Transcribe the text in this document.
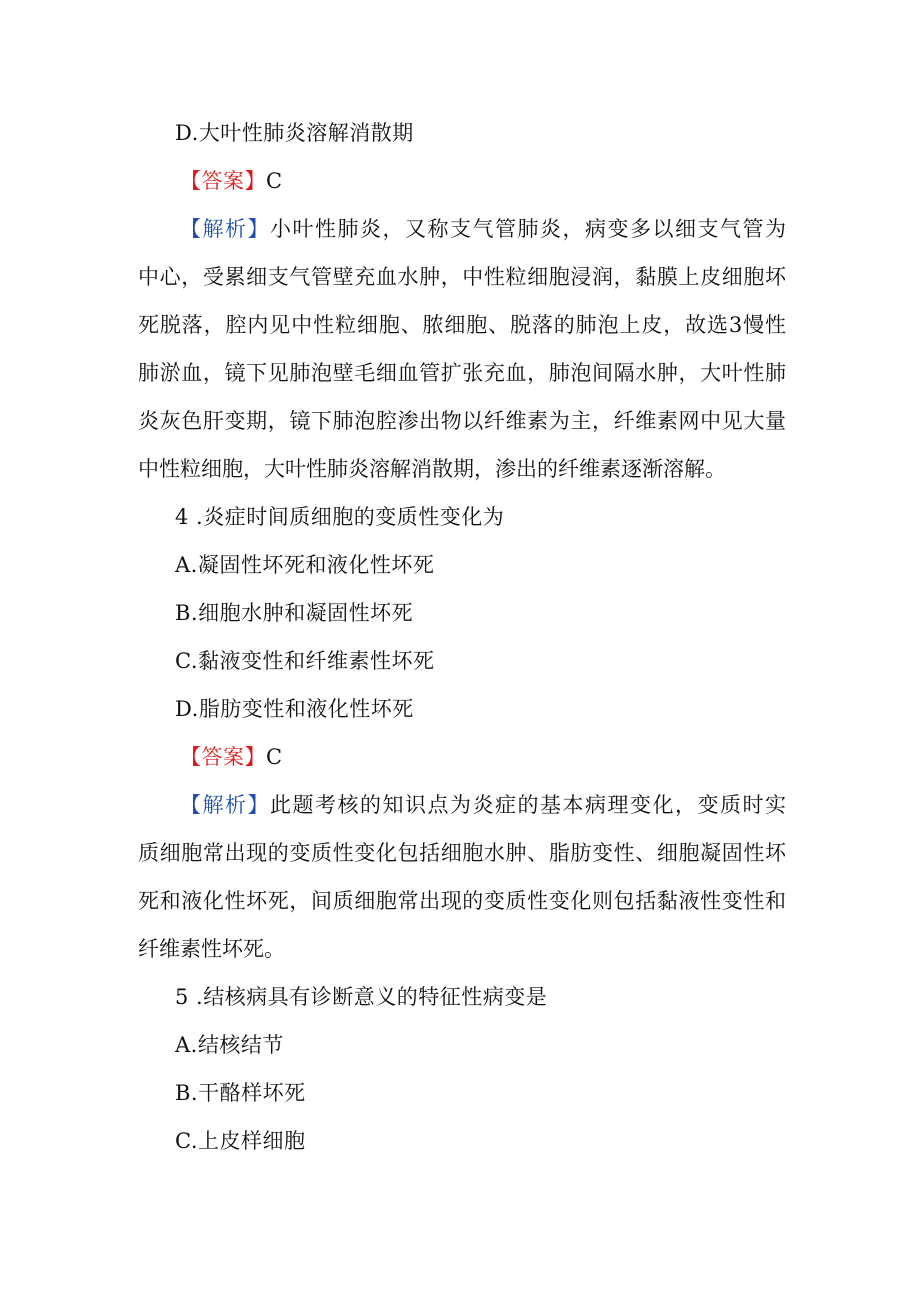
D.大叶性肺炎溶解消散期
【答案】C
【解析】小叶性肺炎，又称支气管肺炎，病变多以细支气管为
中心，受累细支气管壁充血水肿，中性粒细胞浸润，黏膜上皮细胞坏
死脱落，腔内见中性粒细胞、脓细胞、脱落的肺泡上皮，故选3慢性
肺淤血，镜下见肺泡壁毛细血管扩张充血，肺泡间隔水肿，大叶性肺
炎灰色肝变期，镜下肺泡腔渗出物以纤维素为主，纤维素网中见大量
中性粒细胞，大叶性肺炎溶解消散期，渗出的纤维素逐渐溶解。
4 .炎症时间质细胞的变质性变化为
A.凝固性坏死和液化性坏死
B.细胞水肿和凝固性坏死
C.黏液变性和纤维素性坏死
D.脂肪变性和液化性坏死
【答案】C
【解析】此题考核的知识点为炎症的基本病理变化，变质时实
质细胞常出现的变质性变化包括细胞水肿、脂肪变性、细胞凝固性坏
死和液化性坏死，间质细胞常出现的变质性变化则包括黏液性变性和
纤维素性坏死。
5 .结核病具有诊断意义的特征性病变是
A.结核结节
B.干酪样坏死
C.上皮样细胞
